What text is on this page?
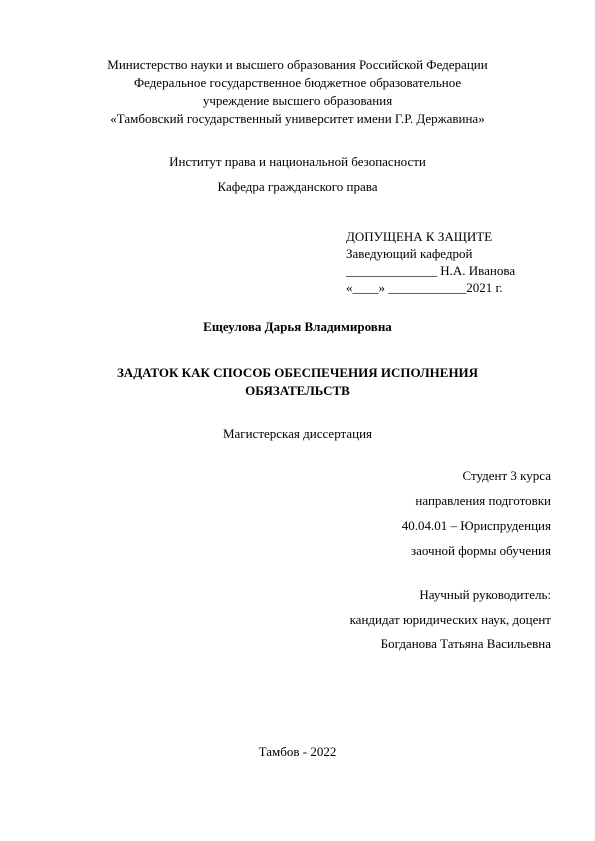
Министерство науки и высшего образования Российской Федерации
Федеральное государственное бюджетное образовательное
учреждение высшего образования
«Тамбовский государственный университет имени Г.Р. Державина»
Институт права и национальной безопасности
Кафедра гражданского права
ДОПУЩЕНА К ЗАЩИТЕ
Заведующий кафедрой
______________ Н.А. Иванова
«____» ____________2021 г.
Ещеулова Дарья Владимировна
ЗАДАТОК КАК СПОСОБ ОБЕСПЕЧЕНИЯ ИСПОЛНЕНИЯ
ОБЯЗАТЕЛЬСТВ
Магистерская диссертация
Студент 3 курса
направления подготовки
40.04.01 – Юриспруденция
заочной формы обучения
Научный руководитель:
кандидат юридических наук, доцент
Богданова Татьяна Васильевна
Тамбов - 2022
